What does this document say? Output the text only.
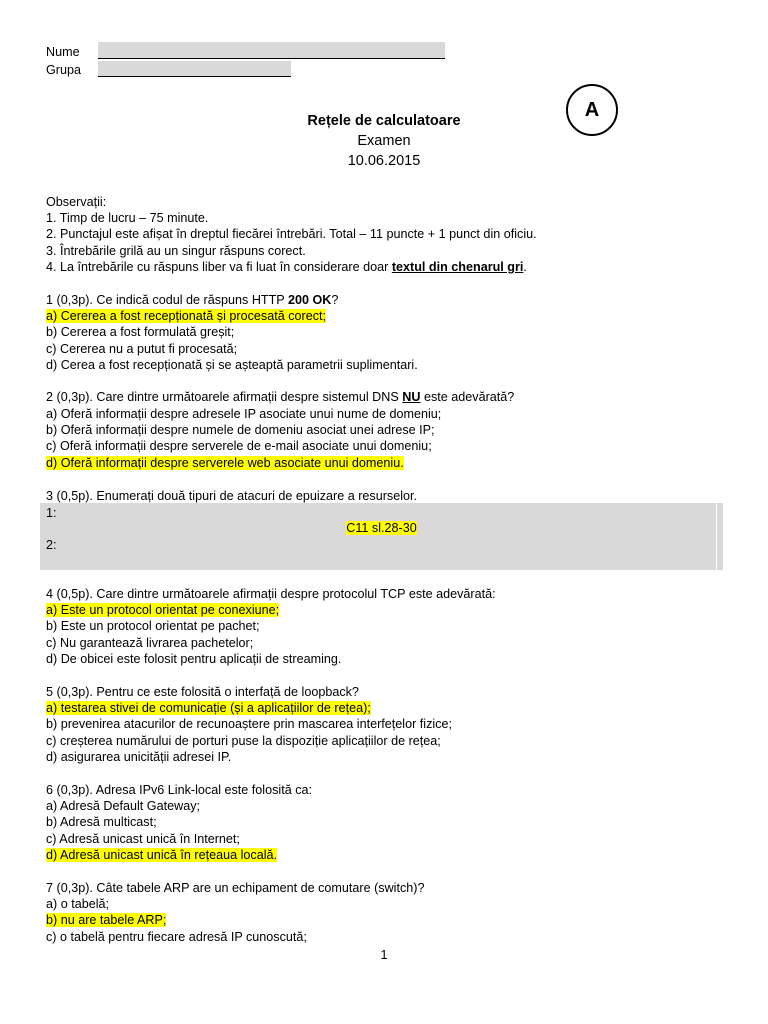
Nume
Grupa
A
Rețele de calculatoare
Examen
10.06.2015
Observații:
1. Timp de lucru – 75 minute.
2. Punctajul este afișat în dreptul fiecărei întrebări. Total – 11 puncte + 1 punct din oficiu.
3. Întrebările grilă au un singur răspuns corect.
4. La întrebările cu răspuns liber va fi luat în considerare doar textul din chenarul gri.
1 (0,3p). Ce indică codul de răspuns HTTP 200 OK?
a) Cererea a fost recepționată și procesată corect;
b) Cererea a fost formulată greșit;
c) Cererea nu a putut fi procesată;
d) Cerea a fost recepționată și se așteaptă parametrii suplimentari.
2 (0,3p). Care dintre următoarele afirmații despre sistemul DNS NU este adevărată?
a) Oferă informații despre adresele IP asociate unui nume de domeniu;
b) Oferă informații despre numele de domeniu asociat unei adrese IP;
c) Oferă informații despre serverele de e-mail asociate unui domeniu;
d) Oferă informații despre serverele web asociate unui domeniu.
3 (0,5p). Enumerați două tipuri de atacuri de epuizare a resurselor.
1:
C11 sl.28-30
2:
4 (0,5p). Care dintre următoarele afirmații despre protocolul TCP este adevărată:
a) Este un protocol orientat pe conexiune;
b) Este un protocol orientat pe pachet;
c) Nu garantează livrarea pachetelor;
d) De obicei este folosit pentru aplicații de streaming.
5 (0,3p). Pentru ce este folosită o interfață de loopback?
a) testarea stivei de comunicație (și a aplicațiilor de rețea);
b) prevenirea atacurilor de recunoaștere prin mascarea interfețelor fizice;
c) creșterea numărului de porturi puse la dispoziție aplicațiilor de rețea;
d) asigurarea unicității adresei IP.
6 (0,3p). Adresa IPv6 Link-local este folosită ca:
a) Adresă Default Gateway;
b) Adresă multicast;
c) Adresă unicast unică în Internet;
d) Adresă unicast unică în rețeaua locală.
7 (0,3p). Câte tabele ARP are un echipament de comutare (switch)?
a) o tabelă;
b) nu are tabele ARP;
c) o tabelă pentru fiecare adresă IP cunoscută;
1
